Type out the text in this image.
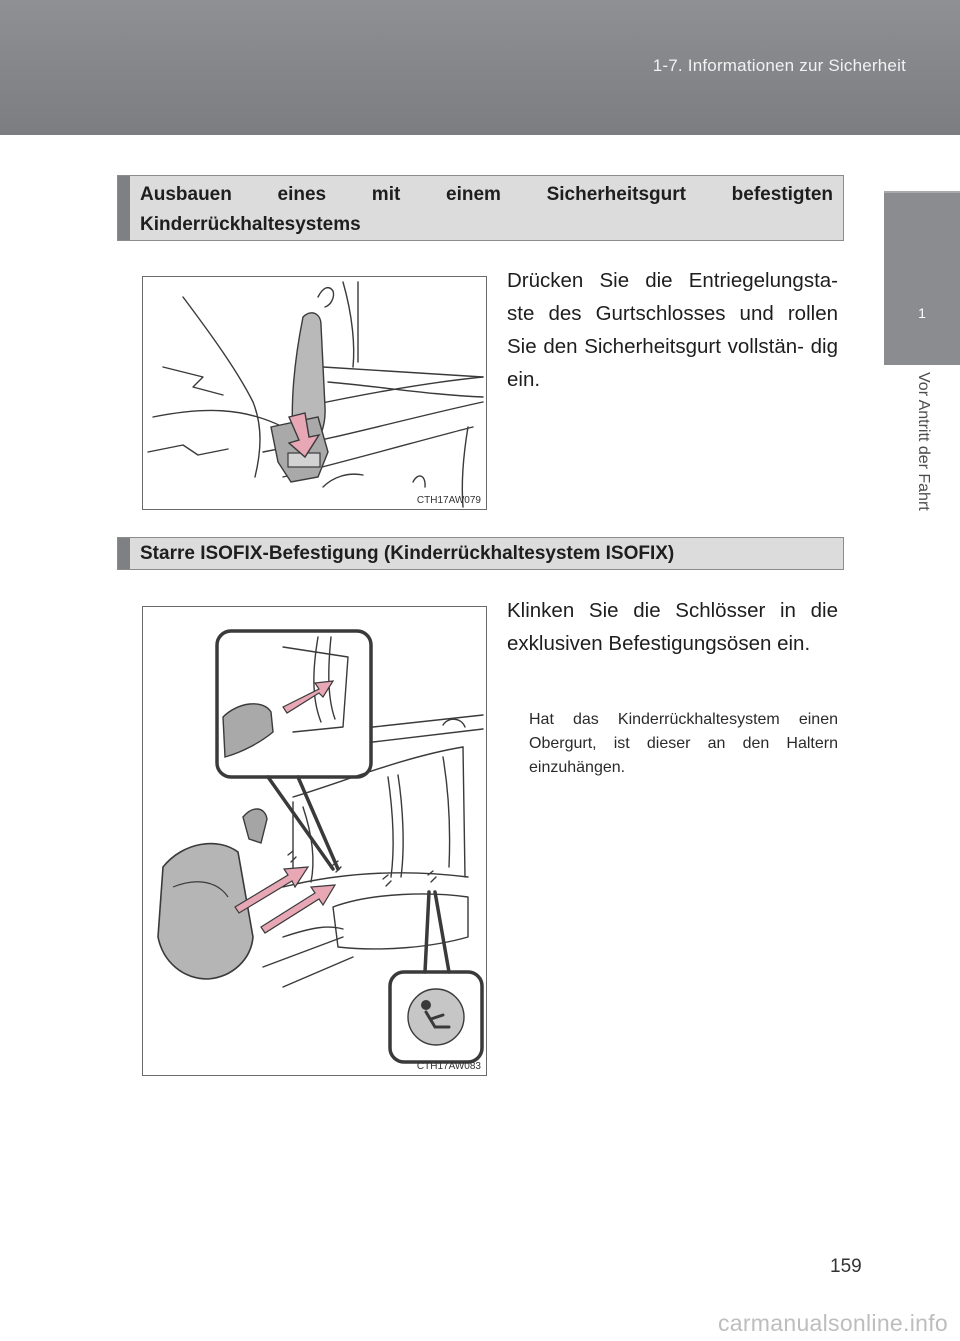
1-7. Informationen zur Sicherheit
1
Vor Antritt der Fahrt
Ausbauen eines mit einem Sicherheitsgurt befestigten Kinderrückhaltesystems
CTH17AW079
Drücken Sie die Entriegelungsta- ste des Gurtschlosses und rollen Sie den Sicherheitsgurt vollstän- dig ein.
Starre ISOFIX-Befestigung (Kinderrückhaltesystem ISOFIX)
CTH17AW083
Klinken Sie die Schlösser in die exklusiven Befestigungsösen ein.
Hat das Kinderrückhaltesystem einen Obergurt, ist dieser an den Haltern einzuhängen.
159
carmanualsonline.info
